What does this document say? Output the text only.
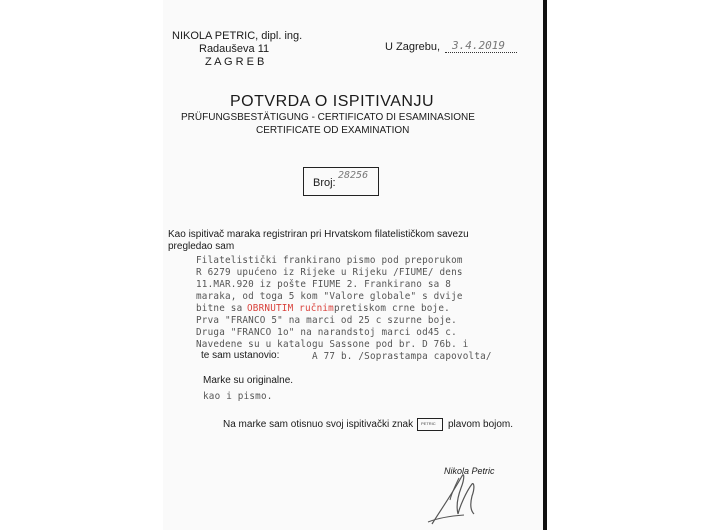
NIKOLA PETRIC, dipl. ing.
Radauševa 11
Z A G R E B
U Zagrebu, 3.4.2019
POTVRDA O ISPITIVANJU
PRÜFUNGSBESTÄTIGUNG - CERTIFICATO DI ESAMINASIONE
CERTIFICATE OD EXAMINATION
Broj:
28256
Kao ispitivač maraka registriran pri Hrvatskom filatelističkom savezu
pregledao sam
Filatelistički frankirano pismo pod preporukom
R 6279 upućeno iz Rijeke u Rijeku /FIUME/ dens
11.MAR.920 iz pošte FIUME 2. Frankirano sa 8
maraka, od toga 5 kom "Valore globale" s dvije
bitne sa OBRNUTIM ručnim pretiskom crne boje.
Prva "FRANCO 5" na marci od 25 c szurne boje.
Druga "FRANCO 1o" na narandstoj marci od45 c.
Navedene su u katalogu Sassone pod br. D 76b. i
A 77 b. /Soprastampa capovolta/
te sam ustanovio:
Marke su originalne.
kao i pismo.
Na marke sam otisnuo svoj ispitivački znak PETRIC plavom bojom.
Nikola Petric
